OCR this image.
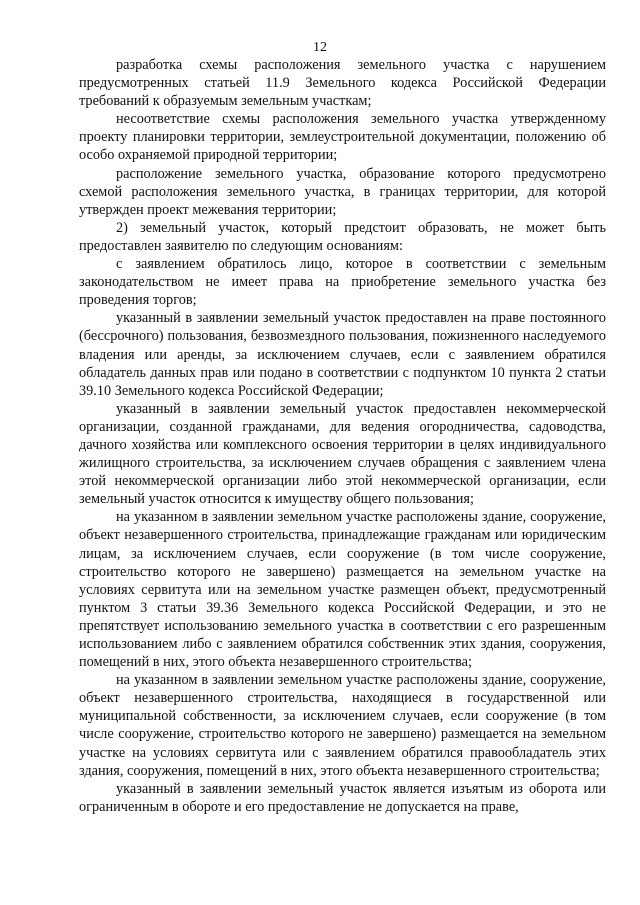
12

разработка схемы расположения земельного участка с нарушением предусмотренных статьей 11.9 Земельного кодекса Российской Федерации требований к образуемым земельным участкам;

несоответствие схемы расположения земельного участка утвержденному проекту планировки территории, землеустроительной документации, положению об особо охраняемой природной территории;

расположение земельного участка, образование которого предусмотрено схемой расположения земельного участка, в границах территории, для которой утвержден проект межевания территории;

2) земельный участок, который предстоит образовать, не может быть предоставлен заявителю по следующим основаниям:

с заявлением обратилось лицо, которое в соответствии с земельным законодательством не имеет права на приобретение земельного участка без проведения торгов;

указанный в заявлении земельный участок предоставлен на праве постоянного (бессрочного) пользования, безвозмездного пользования, пожизненного наследуемого владения или аренды, за исключением случаев, если с заявлением обратился обладатель данных прав или подано в соответствии с подпунктом 10 пункта 2 статьи 39.10 Земельного кодекса Российской Федерации;

указанный в заявлении земельный участок предоставлен некоммерческой организации, созданной гражданами, для ведения огородничества, садоводства, дачного хозяйства или комплексного освоения территории в целях индивидуального жилищного строительства, за исключением случаев обращения с заявлением члена этой некоммерческой организации либо этой некоммерческой организации, если земельный участок относится к имуществу общего пользования;

на указанном в заявлении земельном участке расположены здание, сооружение, объект незавершенного строительства, принадлежащие гражданам или юридическим лицам, за исключением случаев, если сооружение (в том числе сооружение, строительство которого не завершено) размещается на земельном участке на условиях сервитута или на земельном участке размещен объект, предусмотренный пунктом 3 статьи 39.36 Земельного кодекса Российской Федерации, и это не препятствует использованию земельного участка в соответствии с его разрешенным использованием либо с заявлением обратился собственник этих здания, сооружения, помещений в них, этого объекта незавершенного строительства;

на указанном в заявлении земельном участке расположены здание, сооружение, объект незавершенного строительства, находящиеся в государственной или муниципальной собственности, за исключением случаев, если сооружение (в том числе сооружение, строительство которого не завершено) размещается на земельном участке на условиях сервитута или с заявлением обратился правообладатель этих здания, сооружения, помещений в них, этого объекта незавершенного строительства;

указанный в заявлении земельный участок является изъятым из оборота или ограниченным в обороте и его предоставление не допускается на праве,
